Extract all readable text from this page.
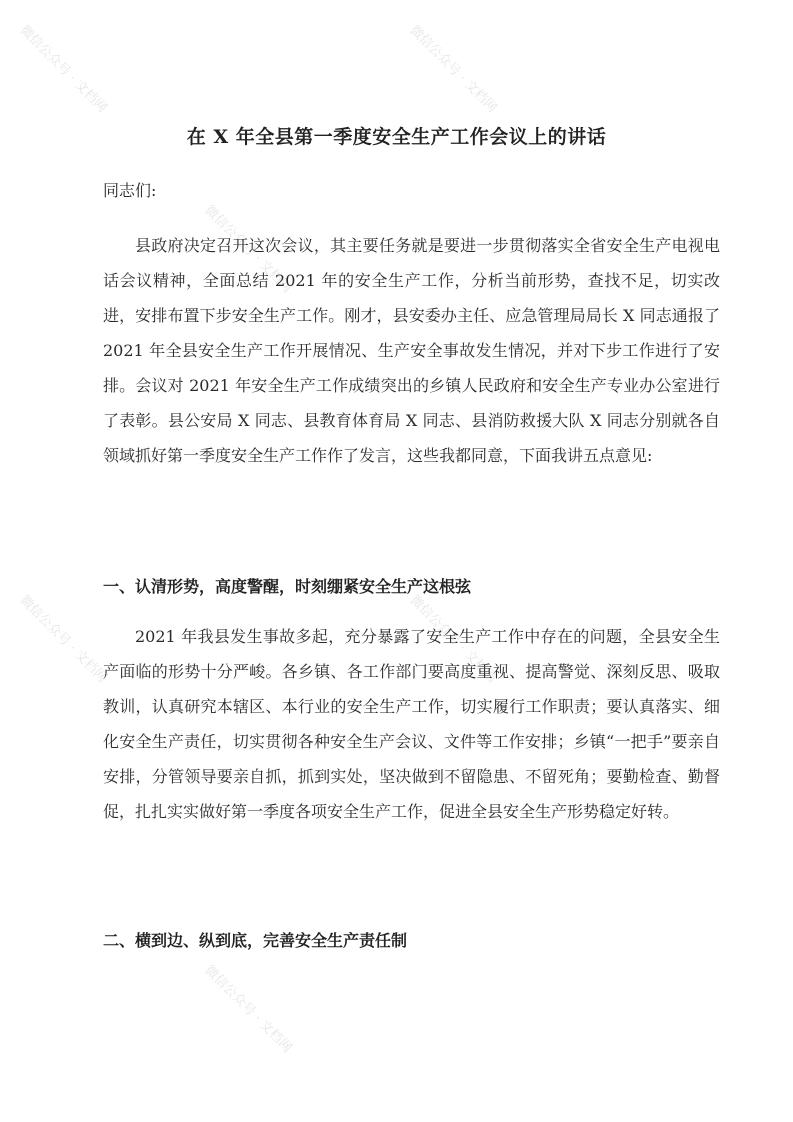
微信公众号 · 文档网	微信公众号 · 文档网
微信公众号 · 文档网
微信公众号 · 文档网	微信公众号 · 文档网
微信公众号 · 文档网
在 X 年全县第一季度安全生产工作会议上的讲话
同志们:

县政府决定召开这次会议，其主要任务就是要进一步贯彻落实全省安全生产电视电话会议精神，全面总结 2021 年的安全生产工作，分析当前形势，查找不足，切实改进，安排布置下步安全生产工作。刚才，县安委办主任、应急管理局局长 X 同志通报了 2021 年全县安全生产工作开展情况、生产安全事故发生情况，并对下步工作进行了安排。会议对 2021 年安全生产工作成绩突出的乡镇人民政府和安全生产专业办公室进行了表彰。县公安局 X 同志、县教育体育局 X 同志、县消防救援大队 X 同志分别就各自领域抓好第一季度安全生产工作作了发言，这些我都同意，下面我讲五点意见:

一、认清形势，高度警醒，时刻绷紧安全生产这根弦

2021 年我县发生事故多起，充分暴露了安全生产工作中存在的问题，全县安全生产面临的形势十分严峻。各乡镇、各工作部门要高度重视、提高警觉、深刻反思、吸取教训，认真研究本辖区、本行业的安全生产工作，切实履行工作职责；要认真落实、细化安全生产责任，切实贯彻各种安全生产会议、文件等工作安排；乡镇“一把手”要亲自安排，分管领导要亲自抓，抓到实处，坚决做到不留隐患、不留死角；要勤检查、勤督促，扎扎实实做好第一季度各项安全生产工作，促进全县安全生产形势稳定好转。

二、横到边、纵到底，完善安全生产责任制
